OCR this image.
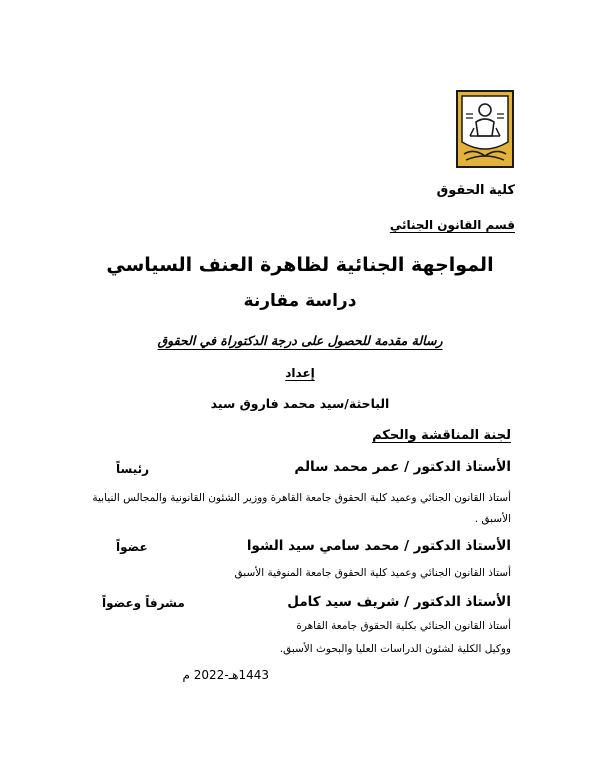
كلية الحقوق
قسم القانون الجنائي
المواجهة الجنائية لظاهرة العنف السياسي
دراسة مقارنة
رسالة مقدمة للحصول على درجة الدكتوراة في الحقوق
إعداد
الباحثة/سيد محمد فاروق سيد
لجنة المناقشة والحكم
الأستاذ الدكتور / عمر محمد سالم
رئيساً
أستاذ القانون الجنائي وعميد كلية الحقوق جامعة القاهرة ووزير الشئون القانونية والمجالس النيابية الأسبق .
الأستاذ الدكتور / محمد سامي سيد الشوا
عضواً
أستاذ القانون الجنائي وعميد كلية الحقوق جامعة المنوفية الأسبق
الأستاذ الدكتور / شريف سيد كامل
مشرفاً وعضواً
أستاذ القانون الجنائي بكلية الحقوق جامعة القاهرة
ووكيل الكلية لشئون الدراسات العليا والبحوث الأسبق.
1443هـ-2022 م
